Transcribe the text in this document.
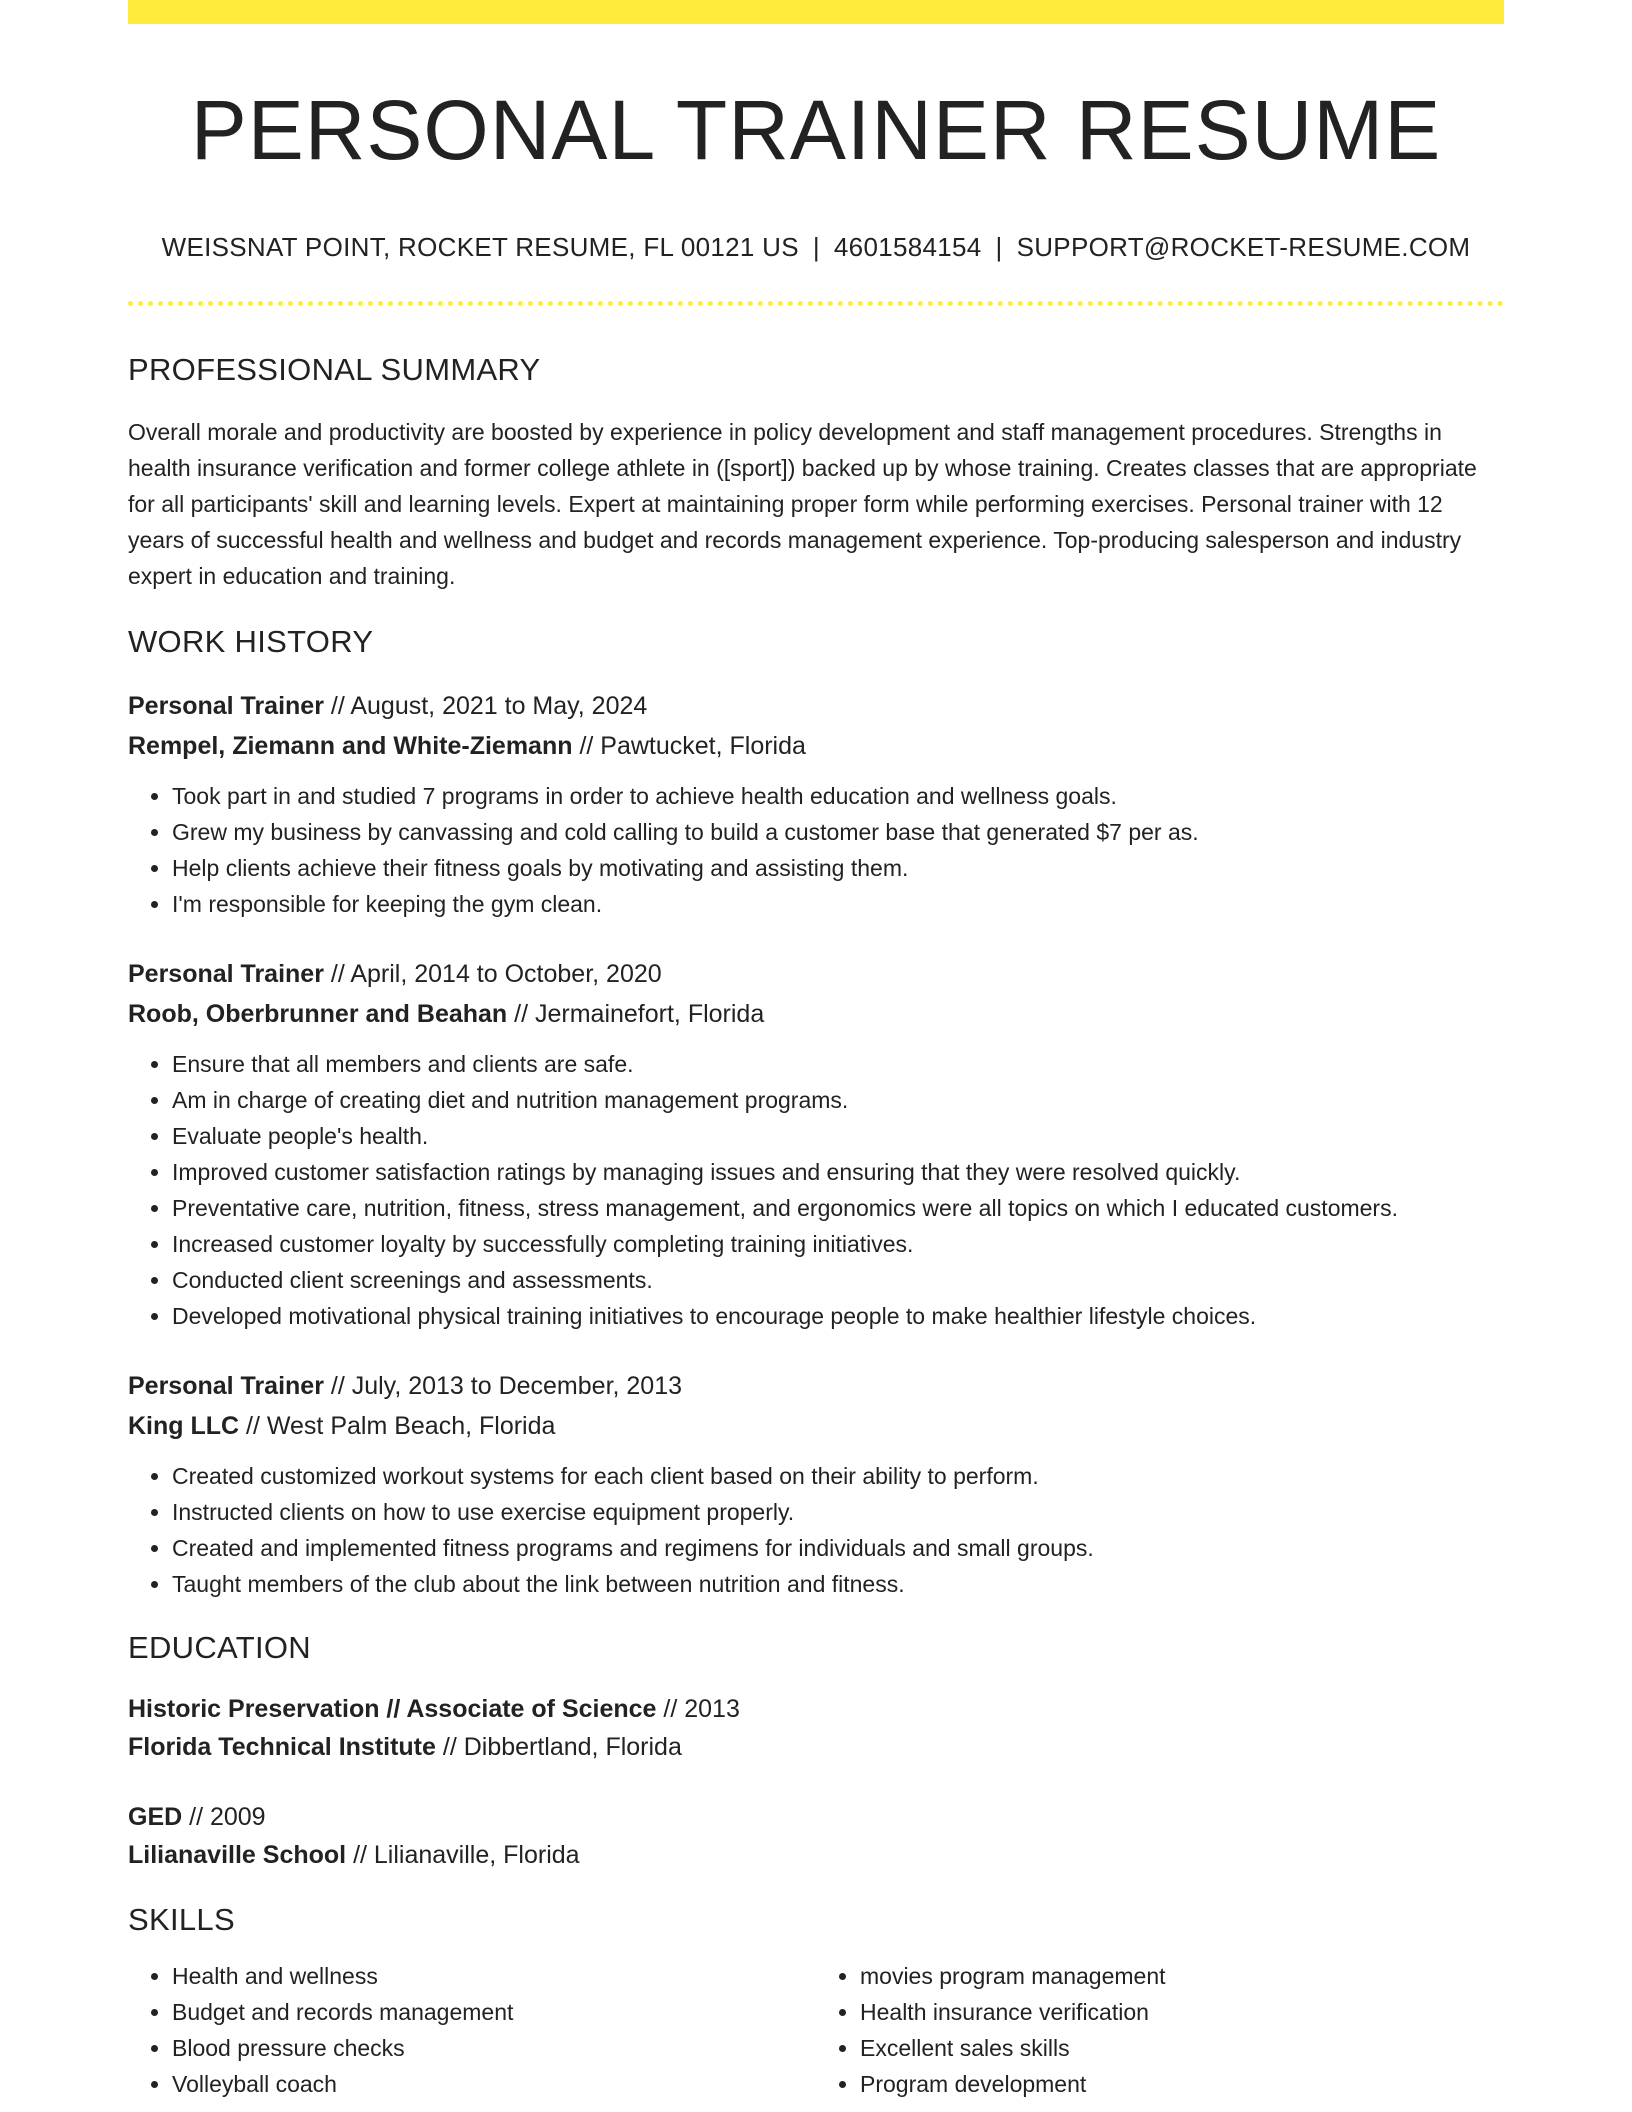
PERSONAL TRAINER RESUME
WEISSNAT POINT, ROCKET RESUME, FL 00121 US | 4601584154 | SUPPORT@ROCKET-RESUME.COM
PROFESSIONAL SUMMARY
Overall morale and productivity are boosted by experience in policy development and staff management procedures. Strengths in health insurance verification and former college athlete in ([sport]) backed up by whose training. Creates classes that are appropriate for all participants' skill and learning levels. Expert at maintaining proper form while performing exercises. Personal trainer with 12 years of successful health and wellness and budget and records management experience. Top-producing salesperson and industry expert in education and training.
WORK HISTORY
Personal Trainer // August, 2021 to May, 2024
Rempel, Ziemann and White-Ziemann // Pawtucket, Florida
• Took part in and studied 7 programs in order to achieve health education and wellness goals.
• Grew my business by canvassing and cold calling to build a customer base that generated $7 per as.
• Help clients achieve their fitness goals by motivating and assisting them.
• I'm responsible for keeping the gym clean.
Personal Trainer // April, 2014 to October, 2020
Roob, Oberbrunner and Beahan // Jermainefort, Florida
• Ensure that all members and clients are safe.
• Am in charge of creating diet and nutrition management programs.
• Evaluate people's health.
• Improved customer satisfaction ratings by managing issues and ensuring that they were resolved quickly.
• Preventative care, nutrition, fitness, stress management, and ergonomics were all topics on which I educated customers.
• Increased customer loyalty by successfully completing training initiatives.
• Conducted client screenings and assessments.
• Developed motivational physical training initiatives to encourage people to make healthier lifestyle choices.
Personal Trainer // July, 2013 to December, 2013
King LLC // West Palm Beach, Florida
• Created customized workout systems for each client based on their ability to perform.
• Instructed clients on how to use exercise equipment properly.
• Created and implemented fitness programs and regimens for individuals and small groups.
• Taught members of the club about the link between nutrition and fitness.
EDUCATION
Historic Preservation // Associate of Science // 2013
Florida Technical Institute // Dibbertland, Florida
GED // 2009
Lilianaville School // Lilianaville, Florida
SKILLS
• Health and wellness
• Budget and records management
• Blood pressure checks
• Volleyball coach
• movies program management
• Health insurance verification
• Excellent sales skills
• Program development
